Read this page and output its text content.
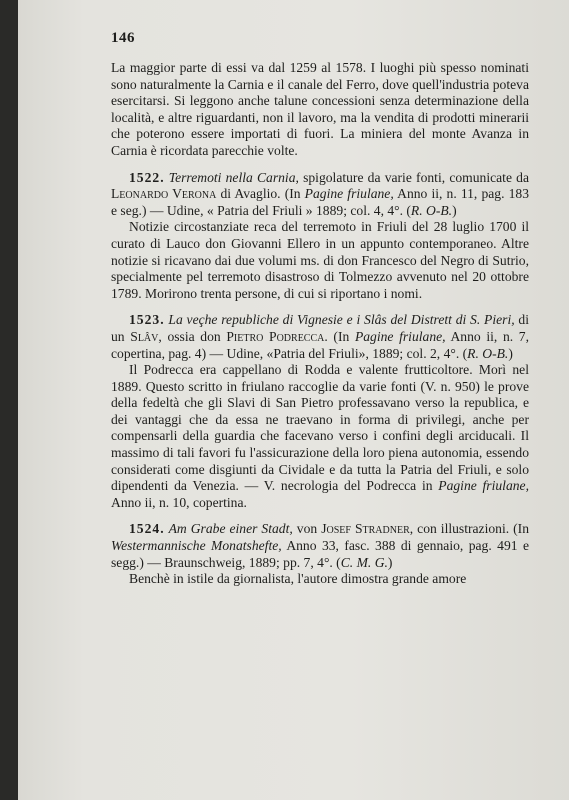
146

La maggior parte di essi va dal 1259 al 1578. I luoghi più spesso nominati sono naturalmente la Carnia e il canale del Ferro, dove quell'industria poteva esercitarsi. Si leggono anche talune concessioni senza determinazione della località, e altre riguardanti, non il lavoro, ma la vendita di prodotti minerarii che poterono essere importati di fuori. La miniera del monte Avanza in Carnia è ricordata parecchie volte.

1522. Terremoti nella Carnia, spigolature da varie fonti, comunicate da Leonardo Verona di Avaglio. (In Pagine friulane, Anno ii, n. 11, pag. 183 e seg.) — Udine, « Patria del Friuli » 1889; col. 4, 4°. (R. O-B.)

Notizie circostanziate reca del terremoto in Friuli del 28 luglio 1700 il curato di Lauco don Giovanni Ellero in un appunto contemporaneo. Altre notizie si ricavano dai due volumi ms. di don Francesco del Negro di Sutrio, specialmente pel terremoto disastroso di Tolmezzo avvenuto nel 20 ottobre 1789. Morirono trenta persone, di cui si riportano i nomi.

1523. La veçhe republiche di Vignesie e i Slâs del Distrett di S. Pieri, di un Slâv, ossia don Pietro Podrecca. (In Pagine friulane, Anno ii, n. 7, copertina, pag. 4) — Udine, «Patria del Friuli», 1889; col. 2, 4°. (R. O-B.)

Il Podrecca era cappellano di Rodda e valente frutticoltore. Morì nel 1889. Questo scritto in friulano raccoglie da varie fonti (V. n. 950) le prove della fedeltà che gli Slavi di San Pietro professavano verso la republica, e dei vantaggi che da essa ne traevano in forma di privilegi, anche per compensarli della guardia che facevano verso i confini degli arciducali. Il massimo di tali favori fu l'assicurazione della loro piena autonomia, essendo considerati come disgiunti da Cividale e da tutta la Patria del Friuli, e solo dipendenti da Venezia. — V. necrologia del Podrecca in Pagine friulane, Anno ii, n. 10, copertina.

1524. Am Grabe einer Stadt, von Josef Stradner, con illustrazioni. (In Westermannische Monatshefte, Anno 33, fasc. 388 di gennaio, pag. 491 e segg.) — Braunschweig, 1889; pp. 7, 4°. (C. M. G.)

Benchè in istile da giornalista, l'autore dimostra grande amore
